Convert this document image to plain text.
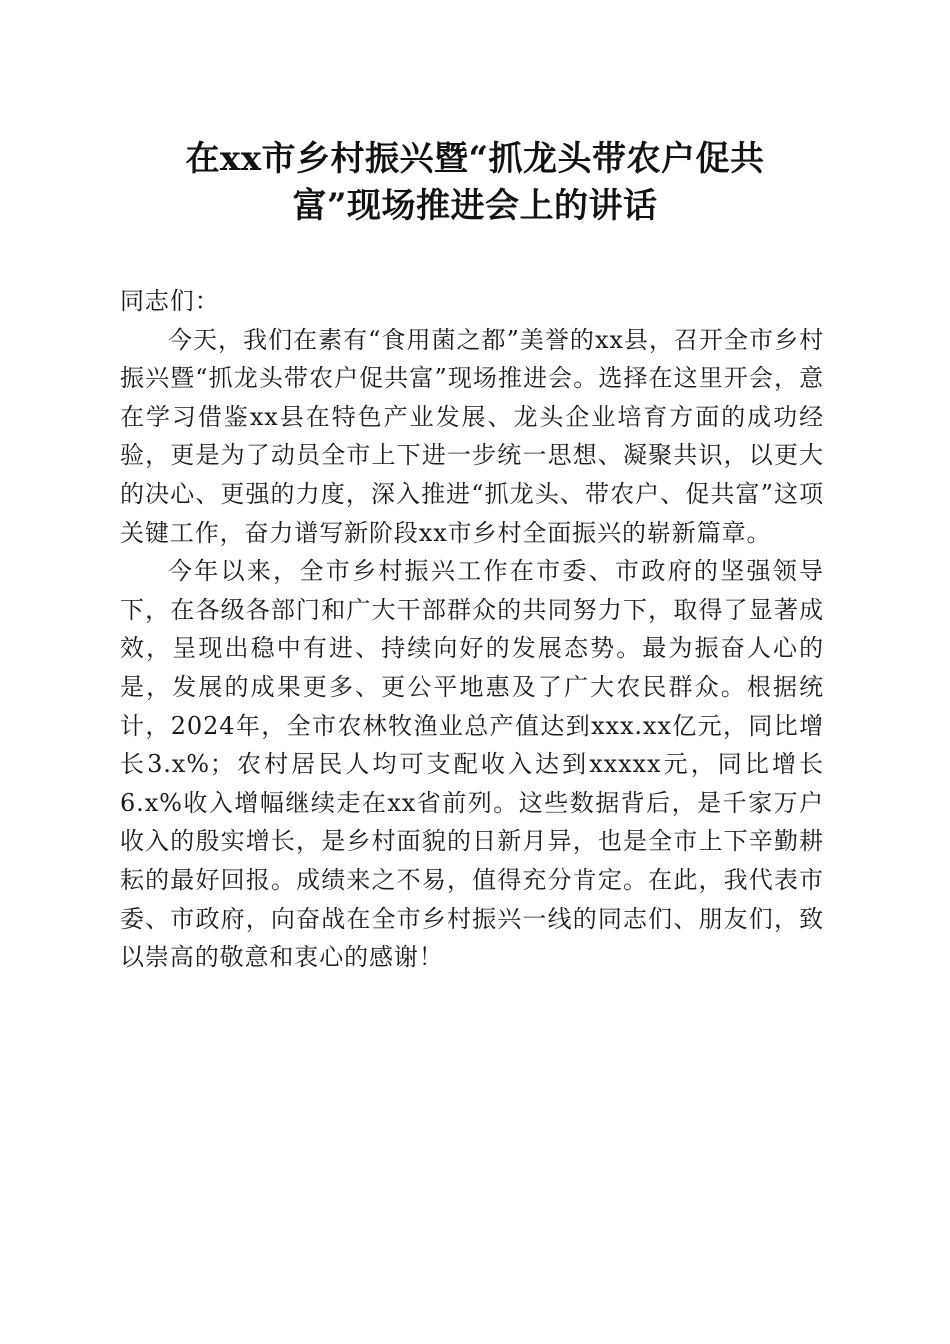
在xx市乡村振兴暨“抓龙头带农户促共
富”现场推进会上的讲话

同志们：

今天，我们在素有“食用菌之都”美誉的xx县，召开全市乡村振兴暨“抓龙头带农户促共富”现场推进会。选择在这里开会，意在学习借鉴xx县在特色产业发展、龙头企业培育方面的成功经验，更是为了动员全市上下进一步统一思想、凝聚共识，以更大的决心、更强的力度，深入推进“抓龙头、带农户、促共富”这项关键工作，奋力谱写新阶段xx市乡村全面振兴的崭新篇章。

今年以来，全市乡村振兴工作在市委、市政府的坚强领导下，在各级各部门和广大干部群众的共同努力下，取得了显著成效，呈现出稳中有进、持续向好的发展态势。最为振奋人心的是，发展的成果更多、更公平地惠及了广大农民群众。根据统计，2024年，全市农林牧渔业总产值达到xxx.xx亿元，同比增长3.x%；农村居民人均可支配收入达到xxxxx元，同比增长6.x%收入增幅继续走在xx省前列。这些数据背后，是千家万户收入的殷实增长，是乡村面貌的日新月异，也是全市上下辛勤耕耘的最好回报。成绩来之不易，值得充分肯定。在此，我代表市委、市政府，向奋战在全市乡村振兴一线的同志们、朋友们，致以崇高的敬意和衷心的感谢！
